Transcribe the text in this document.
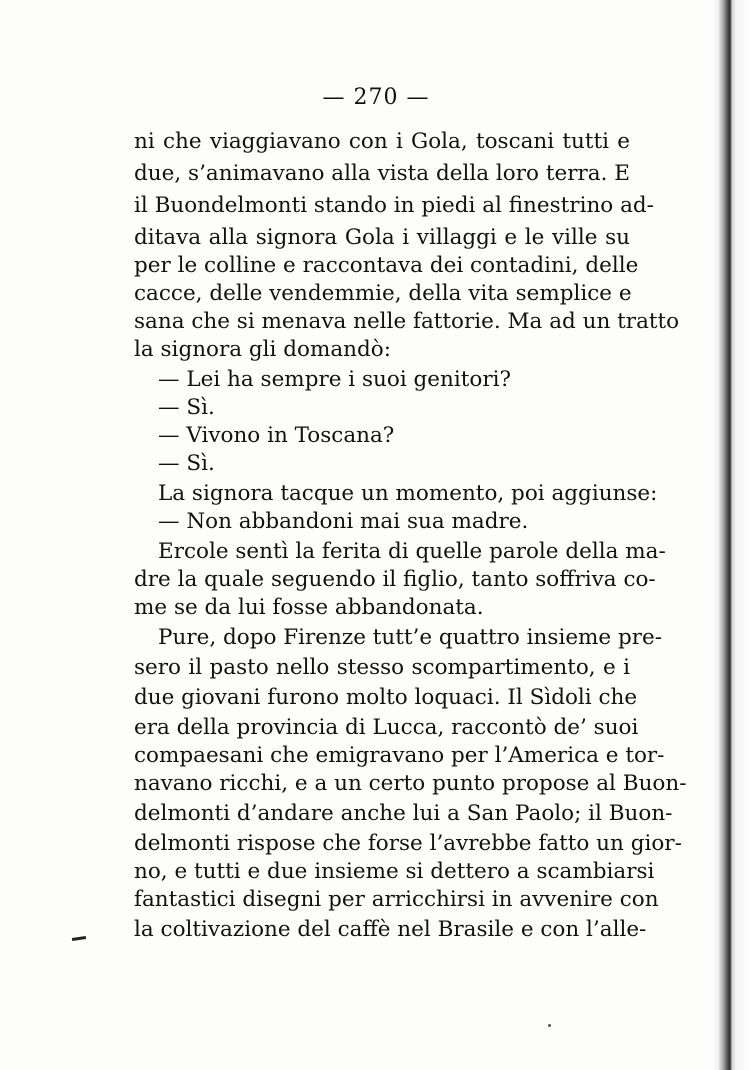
— 270 —
ni che viaggiavano con i Gola, toscani tutti e
due, s’animavano alla vista della loro terra. E
il Buondelmonti stando in piedi al finestrino ad-
ditava alla signora Gola i villaggi e le ville su
per le colline e raccontava dei contadini, delle
cacce, delle vendemmie, della vita semplice e
sana che si menava nelle fattorie. Ma ad un tratto
la signora gli domandò:
— Lei ha sempre i suoi genitori?
— Sì.
— Vivono in Toscana?
— Sì.
La signora tacque un momento, poi aggiunse:
— Non abbandoni mai sua madre.
Ercole sentì la ferita di quelle parole della ma-
dre la quale seguendo il figlio, tanto soffriva co-
me se da lui fosse abbandonata.
Pure, dopo Firenze tutt’e quattro insieme pre-
sero il pasto nello stesso scompartimento, e i
due giovani furono molto loquaci. Il Sìdoli che
era della provincia di Lucca, raccontò de’ suoi
compaesani che emigravano per l’America e tor-
navano ricchi, e a un certo punto propose al Buon-
delmonti d’andare anche lui a San Paolo; il Buon-
delmonti rispose che forse l’avrebbe fatto un gior-
no, e tutti e due insieme si dettero a scambiarsi
fantastici disegni per arricchirsi in avvenire con
la coltivazione del caffè nel Brasile e con l’alle-
